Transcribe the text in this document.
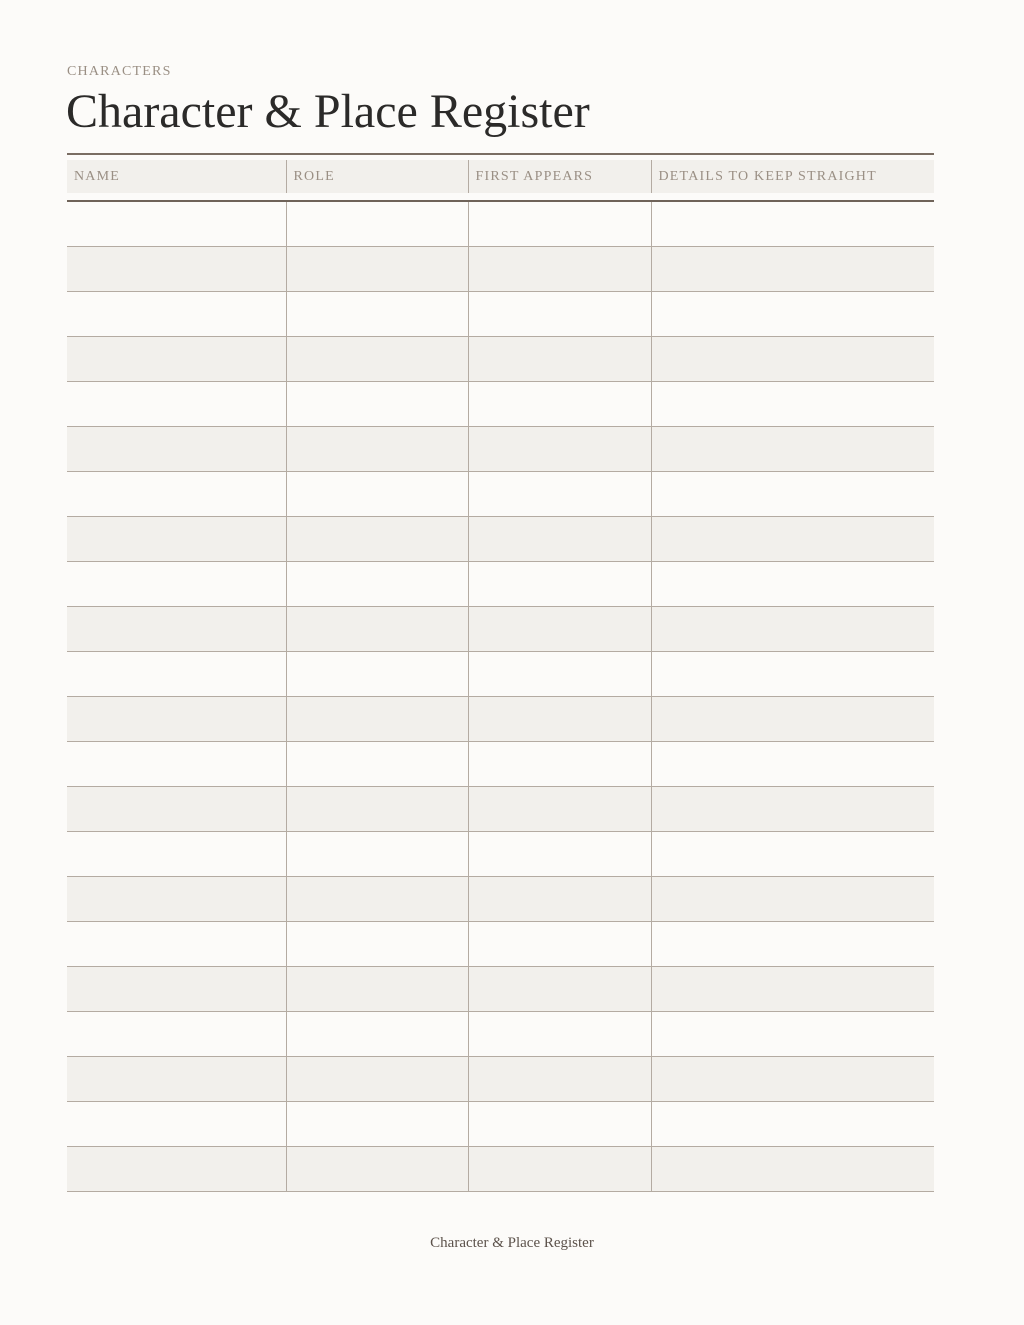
CHARACTERS
Character & Place Register
NAME	ROLE	FIRST APPEARS	DETAILS TO KEEP STRAIGHT

Character & Place Register
